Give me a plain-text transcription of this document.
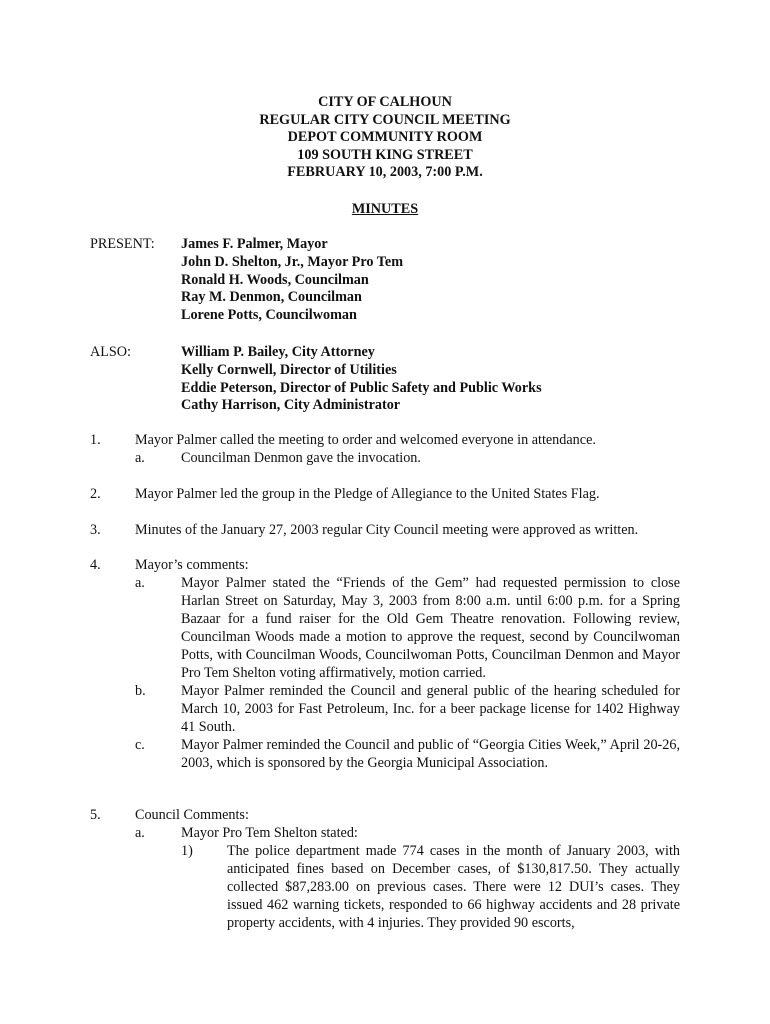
CITY OF CALHOUN
REGULAR CITY COUNCIL MEETING
DEPOT COMMUNITY ROOM
109 SOUTH KING STREET
FEBRUARY 10, 2003, 7:00 P.M.
MINUTES
PRESENT:	James F. Palmer, Mayor
John D. Shelton, Jr., Mayor Pro Tem
Ronald H. Woods, Councilman
Ray M. Denmon, Councilman
Lorene Potts, Councilwoman
ALSO:	William P. Bailey, City Attorney
Kelly Cornwell, Director of Utilities
Eddie Peterson, Director of Public Safety and Public Works
Cathy Harrison, City Administrator
1. Mayor Palmer called the meeting to order and welcomed everyone in attendance.
a.	Councilman Denmon gave the invocation.
2. Mayor Palmer led the group in the Pledge of Allegiance to the United States Flag.
3. Minutes of the January 27, 2003 regular City Council meeting were approved as written.
4. Mayor’s comments:
a.	Mayor Palmer stated the “Friends of the Gem” had requested permission to close Harlan Street on Saturday, May 3, 2003 from 8:00 a.m. until 6:00 p.m. for a Spring Bazaar for a fund raiser for the Old Gem Theatre renovation. Following review, Councilman Woods made a motion to approve the request, second by Councilwoman Potts, with Councilman Woods, Councilwoman Potts, Councilman Denmon and Mayor Pro Tem Shelton voting affirmatively, motion carried.
b. Mayor Palmer reminded the Council and general public of the hearing scheduled for March 10, 2003 for Fast Petroleum, Inc. for a beer package license for 1402 Highway 41 South.
c.	Mayor Palmer reminded the Council and public of “Georgia Cities Week,” April 20-26, 2003, which is sponsored by the Georgia Municipal Association.
5. Council Comments:
a.	Mayor Pro Tem Shelton stated:
1) The police department made 774 cases in the month of January 2003, with anticipated fines based on December cases, of $130,817.50. They actually collected $87,283.00 on previous cases. There were 12 DUI’s cases. They issued 462 warning tickets, responded to 66 highway accidents and 28 private property accidents, with 4 injuries. They provided 90 escorts,
